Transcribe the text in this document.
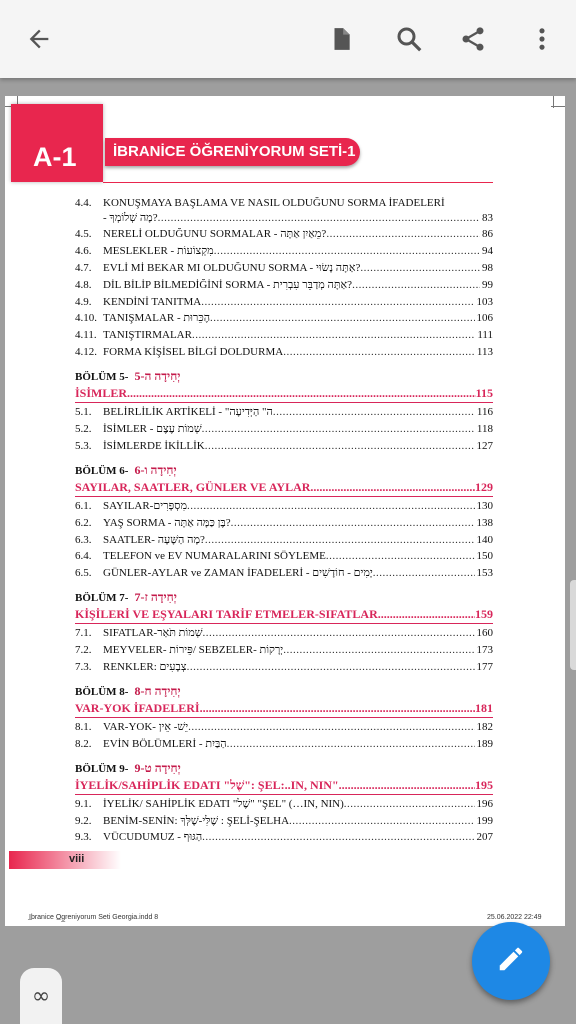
A-1 İBRANİCE ÖĞRENİYORUM SETİ-1
4.4.	KONUŞMAYA BAŞLAMA VE NASIL OLDUĞUNU SORMA İFADELERİ
- מָה שְׁלוֹמְךָ? .....	83
4.5.	NERELİ OLDUĞUNU SORMALAR - מֵאַיִן אַתָּה? .....	86
4.6.	MESLEKLER - מִקְצוֹעוֹת .....	94
4.7.	EVLİ Mİ BEKAR MI OLDUĞUNU SORMA - אַתָּה נָשׂוּי? .....	98
4.8.	DİL BİLİP BİLMEDİĞİNİ SORMA - אַתָּה מְדַבֵּר עִבְרִית? .....	99
4.9.	KENDİNİ TANITMA .....	103
4.10. TANIŞMALAR - הֶכֵּרוּת .....	106
4.11. TANIŞTIRMALAR .....	111
4.12. FORMA KİŞİSEL BİLGİ DOLDURMA .....	113
BÖLÜM 5- יְחִידָה ה-5
İSİMLER .....	115
5.1.	BELİRLİLİK ARTİKELİ - "ה" הַיְּדִיעָה .....	116
5.2.	İSİMLER - שְׁמוֹת עֶצֶם .....	118
5.3.	İSİMLERDE İKİLLİK .....	127
BÖLÜM 6- יְחִידָה ו-6
SAYILAR, SAATLER, GÜNLER VE AYLAR .....	129
6.1.	SAYILAR-מִסְפָּרִים .....	130
6.2.	YAŞ SORMA - בֶּן כַּמָּה אַתָּה? .....	138
6.3.	SAATLER- מָה הַשָּׁעָה? .....	140
6.4.	TELEFON ve EV NUMARALARINI SÖYLEME .....	150
6.5.	GÜNLER-AYLAR ve ZAMAN İFADELERİ - יָמִים - חוֹדָשִׁים .....	153
BÖLÜM 7- יְחִידָה ז-7
KİŞİLERİ VE EŞYALARI TARİF ETMELER-SIFATLAR .....	159
7.1.	SIFATLAR-שְׁמוֹת תֹּאַר .....	160
7.2.	MEYVELER- פֵּירוֹת/ SEBZELER- יְרָקוֹת .....	173
7.3.	RENKLER: צְבָעִים .....	177
BÖLÜM 8- יְחִידָה ח-8
VAR-YOK İFADELERİ .....	181
8.1.	VAR-YOK- יֵשׁ- אֵין .....	182
8.2.	EVİN BÖLÜMLERİ - הַבַּיִת .....	189
BÖLÜM 9- יְחִידָה ט-9
İYELİK/SAHİPLİK EDATI "שֶׁל": ŞEL:..IN, NIN" .....	195
9.1.	İYELİK/ SAHİPLİK EDATI "שֶׁל" "ŞEL" (…IN, NIN) .....	196
9.2.	BENİM-SENİN: שֶׁלִּי-שֶׁלְּךָ : ŞELİ-ŞELHA .....	199
9.3.	VÜCUDUMUZ - הַגּוּף .....	207
viii
I̲branice O̲g̲reniyorum Seti Georgia.indd 8	25.06.2022 22:49
∞
